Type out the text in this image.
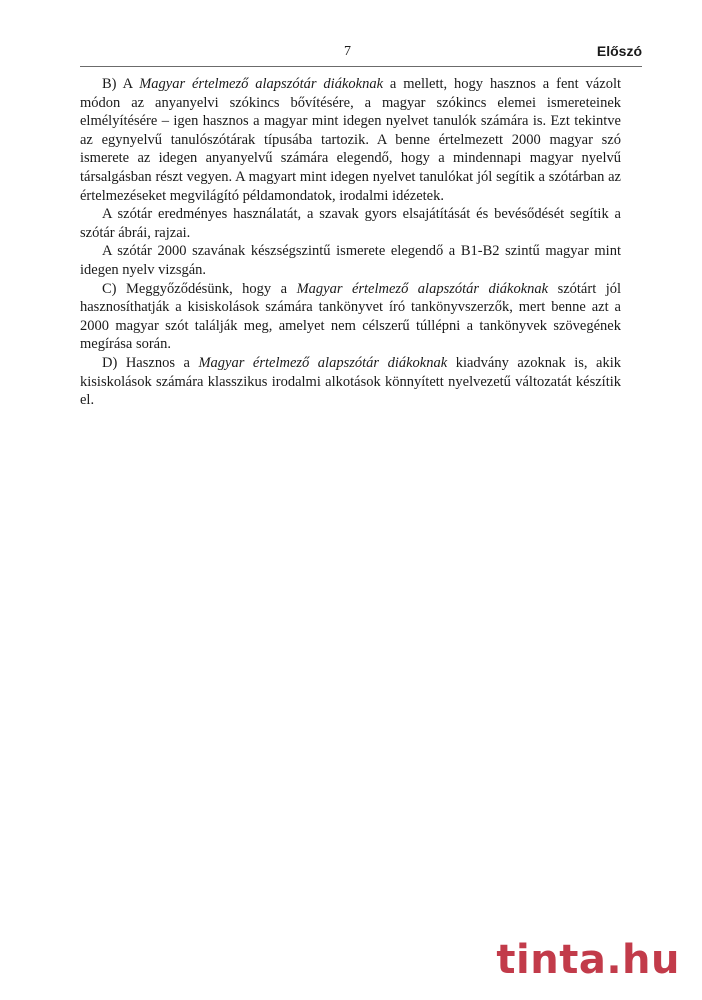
7	Előszó

B) A Magyar értelmező alapszótár diákoknak a mellett, hogy hasznos a fent vázolt módon az anyanyelvi szókincs bővítésére, a magyar szókincs elemei ismereteinek elmélyítésére – igen hasznos a magyar mint idegen nyelvet tanulók számára is. Ezt tekintve az egynyelvű tanulószótárak típusába tartozik. A benne értelmezett 2000 magyar szó ismerete az idegen anyanyelvű számára elegendő, hogy a mindennapi magyar nyelvű társalgásban részt vegyen. A magyart mint idegen nyelvet tanulókat jól segítik a szótárban az értelmezéseket megvilágító példamondatok, irodalmi idézetek.

A szótár eredményes használatát, a szavak gyors elsajátítását és bevésődését segítik a szótár ábrái, rajzai.

A szótár 2000 szavának készségszintű ismerete elegendő a B1-B2 szintű magyar mint idegen nyelv vizsgán.

C) Meggyőződésünk, hogy a Magyar értelmező alapszótár diákoknak szótárt jól hasznosíthatják a kisiskolások számára tankönyvet író tankönyvszerzők, mert benne azt a 2000 magyar szót találják meg, amelyet nem célszerű túllépni a tankönyvek szövegének megírása során.

D) Hasznos a Magyar értelmező alapszótár diákoknak kiadvány azoknak is, akik kisiskolások számára klasszikus irodalmi alkotások könnyített nyelvezetű változatát készítik el.

tinta.hu
